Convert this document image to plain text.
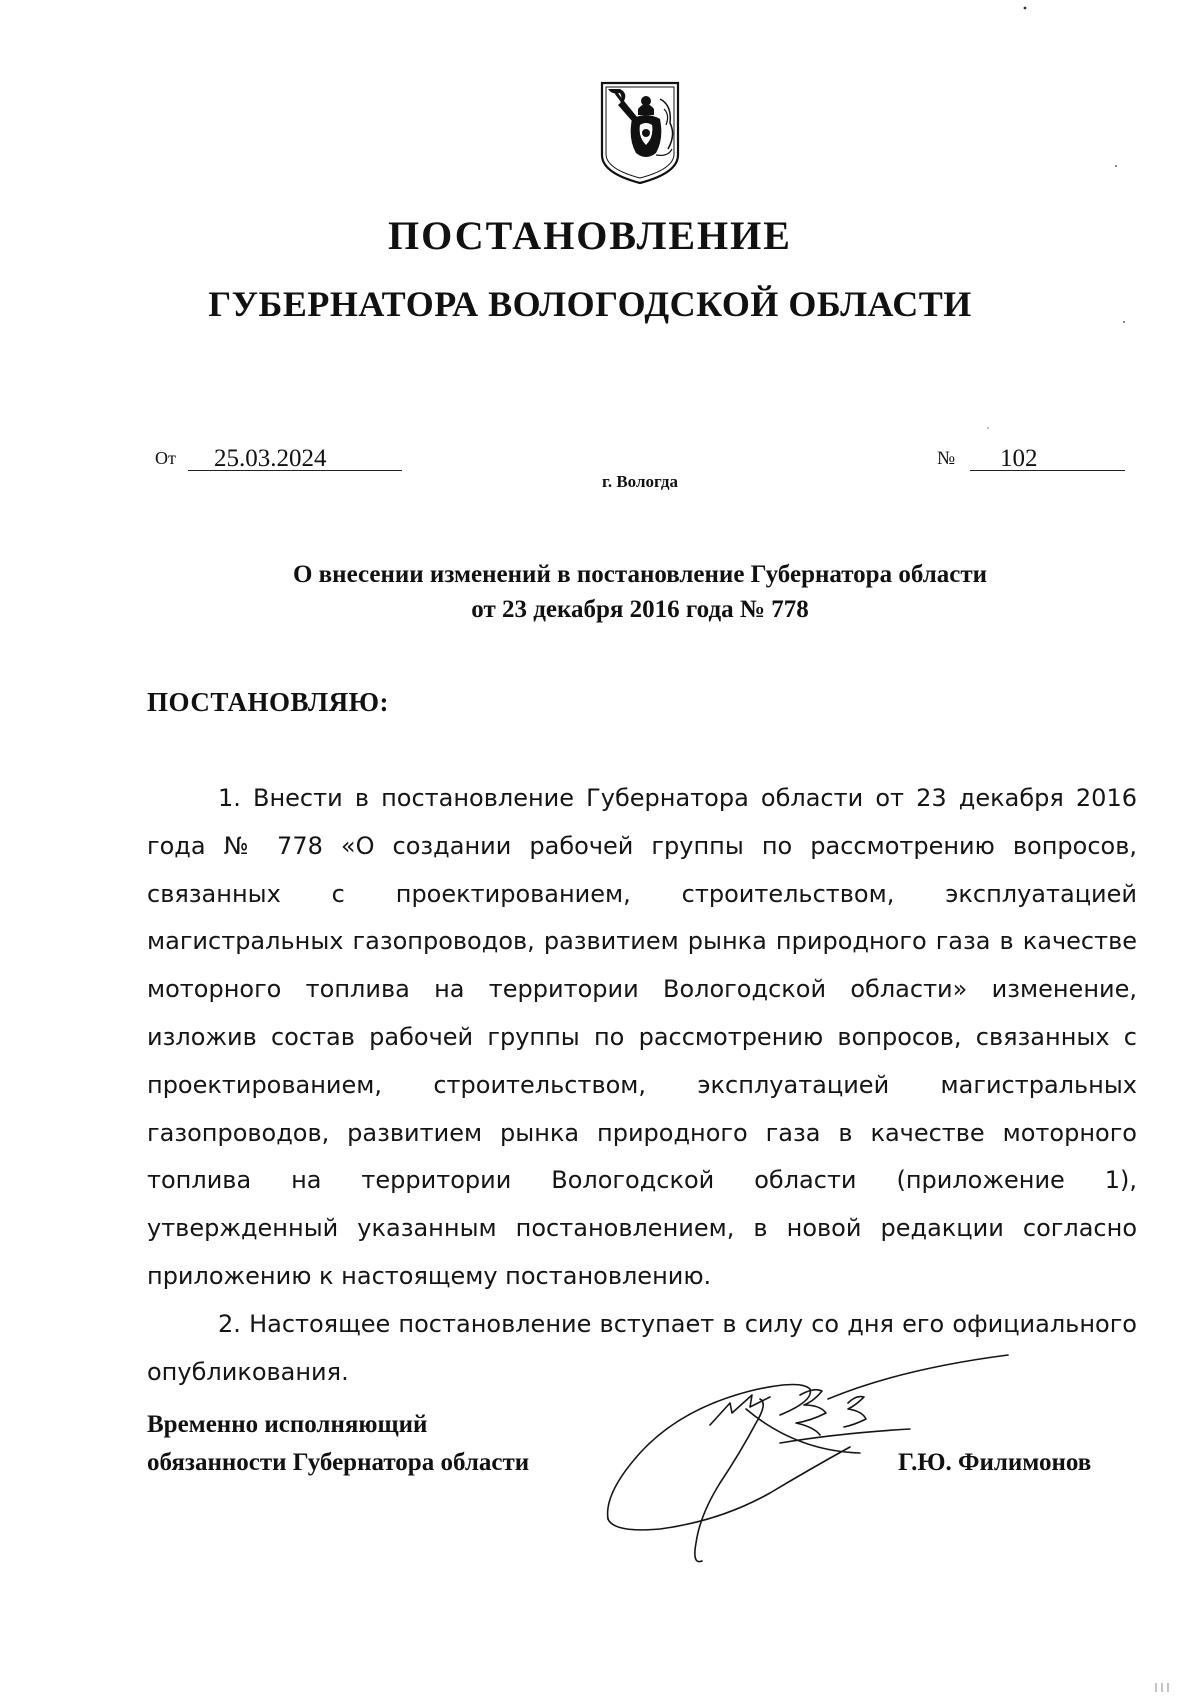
ПОСТАНОВЛЕНИЕ
ГУБЕРНАТОРА ВОЛОГОДСКОЙ ОБЛАСТИ
От	25.03.2024
г. Вологда
№	102
О внесении изменений в постановление Губернатора области
от 23 декабря 2016 года № 778
ПОСТАНОВЛЯЮ:

1. Внести в постановление Губернатора области от 23 декабря 2016 года № 778 «О создании рабочей группы по рассмотрению вопросов, связанных с проектированием, строительством, эксплуатацией магистральных газопроводов, развитием рынка природного газа в качестве моторного топлива на территории Вологодской области» изменение, изложив состав рабочей группы по рассмотрению вопросов, связанных с проектированием, строительством, эксплуатацией магистральных газопроводов, развитием рынка природного газа в качестве моторного топлива на территории Вологодской области (приложение 1), утвержденный указанным постановлением, в новой редакции согласно приложению к настоящему постановлению.

2. Настоящее постановление вступает в силу со дня его официального опубликования.

Временно исполняющий
обязанности Губернатора области	Г.Ю. Филимонов
